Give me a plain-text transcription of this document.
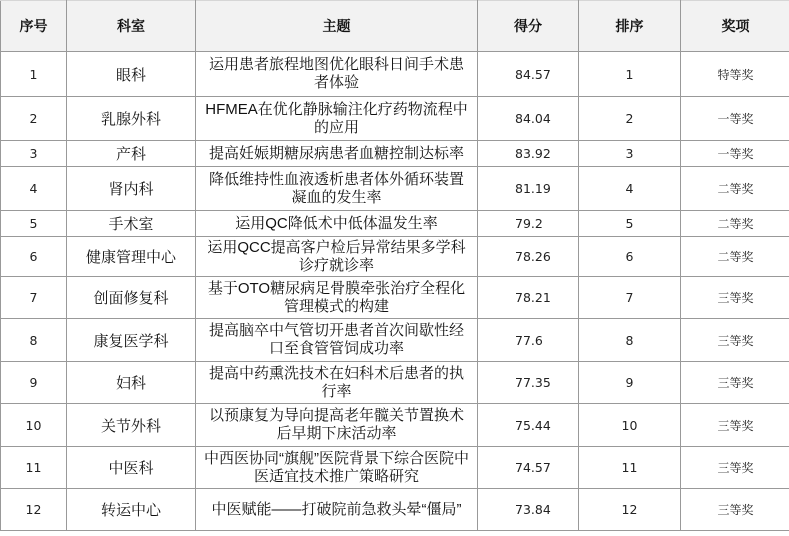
序号	科室	主题	得分	排序	奖项
1	眼科	运用患者旅程地图优化眼科日间手术患者体验	84.57	1	特等奖
2	乳腺外科	HFMEA在优化静脉输注化疗药物流程中的应用	84.04	2	一等奖
3	产科	提高妊娠期糖尿病患者血糖控制达标率	83.92	3	一等奖
4	肾内科	降低维持性血液透析患者体外循环装置凝血的发生率	81.19	4	二等奖
5	手术室	运用QC降低术中低体温发生率	79.2	5	二等奖
6	健康管理中心	运用QCC提高客户检后异常结果多学科诊疗就诊率	78.26	6	二等奖
7	创面修复科	基于OTO糖尿病足骨膜牵张治疗全程化管理模式的构建	78.21	7	三等奖
8	康复医学科	提高脑卒中气管切开患者首次间歇性经口至食管管饲成功率	77.6	8	三等奖
9	妇科	提高中药熏洗技术在妇科术后患者的执行率	77.35	9	三等奖
10	关节外科	以预康复为导向提高老年髋关节置换术后早期下床活动率	75.44	10	三等奖
11	中医科	中西医协同“旗舰”医院背景下综合医院中医适宜技术推广策略研究	74.57	11	三等奖
12	转运中心	中医赋能——打破院前急救头晕“僵局”	73.84	12	三等奖
